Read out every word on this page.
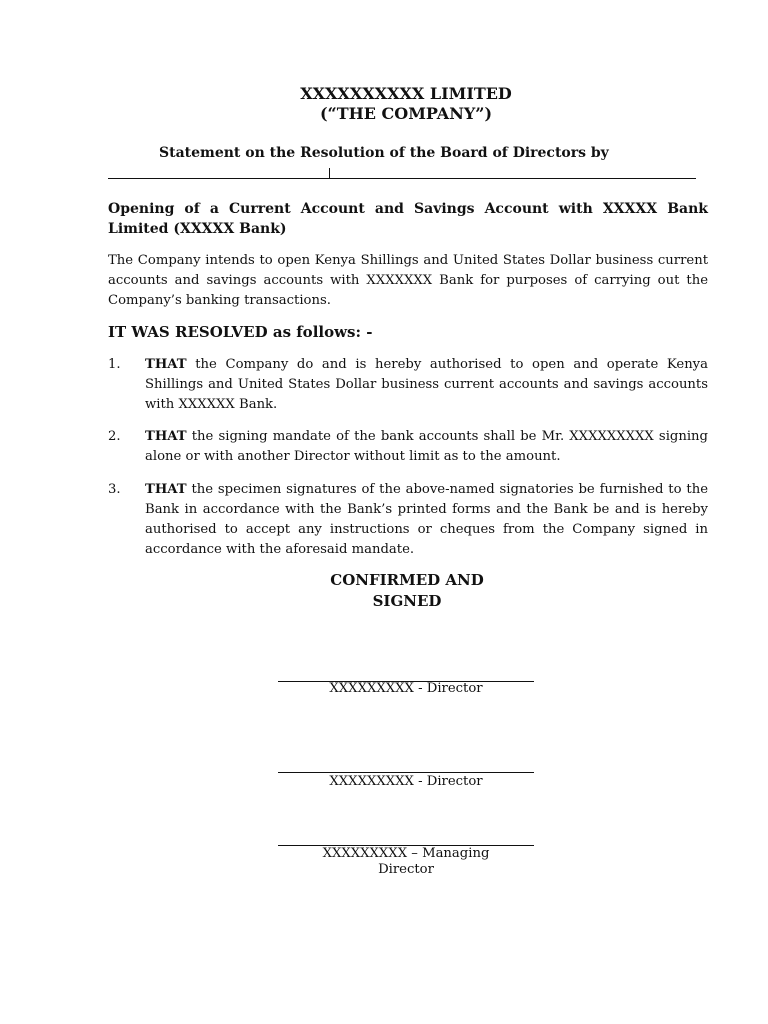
XXXXXXXXXX LIMITED
(“THE COMPANY”)
Statement on the Resolution of the Board of Directors by
Opening of a Current Account and Savings Account with XXXXX Bank Limited (XXXXX Bank)
The Company intends to open Kenya Shillings and United States Dollar business current accounts and savings accounts with XXXXXXX Bank for purposes of carrying out the Company’s banking transactions.
IT WAS RESOLVED as follows: -
1. THAT the Company do and is hereby authorised to open and operate Kenya Shillings and United States Dollar business current accounts and savings accounts with XXXXXX Bank.
2. THAT the signing mandate of the bank accounts shall be Mr. XXXXXXXXX signing alone or with another Director without limit as to the amount.
3. THAT the specimen signatures of the above-named signatories be furnished to the Bank in accordance with the Bank’s printed forms and the Bank be and is hereby authorised to accept any instructions or cheques from the Company signed in accordance with the aforesaid mandate.
CONFIRMED AND
SIGNED
XXXXXXXXX - Director
XXXXXXXXX - Director
XXXXXXXXX – Managing
Director
